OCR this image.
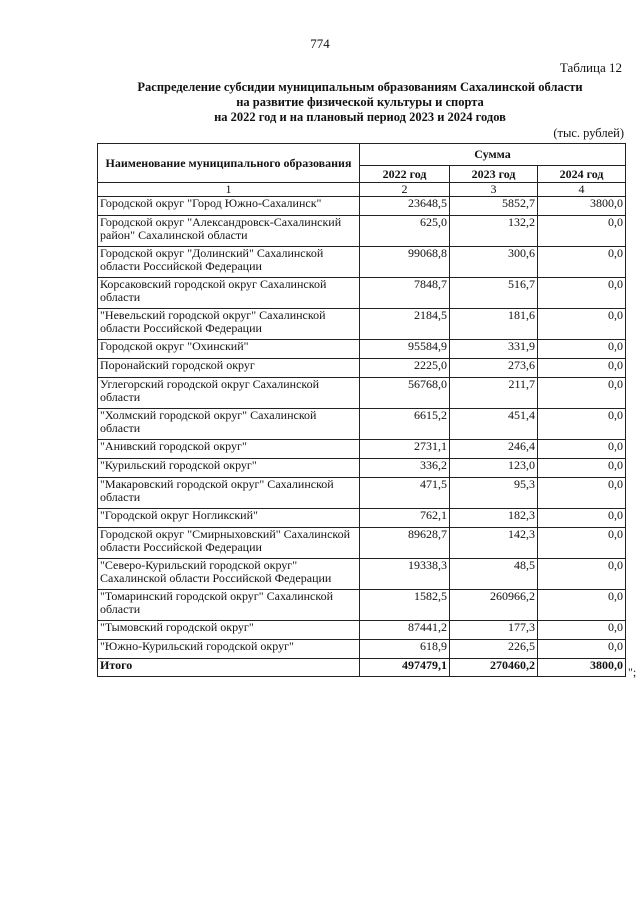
774
Таблица 12
Распределение субсидии муниципальным образованиям Сахалинской области
на развитие физической культуры и спорта
на 2022 год и на плановый период 2023 и 2024 годов
(тыс. рублей)
Наименование муниципального образования	Сумма		
	2022 год	2023 год	2024 год
1	2	3	4
Городской округ "Город Южно-Сахалинск"	23648,5	5852,7	3800,0
Городской округ "Александровск-Сахалинский район" Сахалинской области	625,0	132,2	0,0
Городской округ "Долинский" Сахалинской области Российской Федерации	99068,8	300,6	0,0
Корсаковский городской округ Сахалинской области	7848,7	516,7	0,0
"Невельский городской округ" Сахалинской области Российской Федерации	2184,5	181,6	0,0
Городской округ "Охинский"	95584,9	331,9	0,0
Поронайский городской округ	2225,0	273,6	0,0
Углегорский городской округ Сахалинской области	56768,0	211,7	0,0
"Холмский городской округ" Сахалинской области	6615,2	451,4	0,0
"Анивский городской округ"	2731,1	246,4	0,0
"Курильский городской округ"	336,2	123,0	0,0
"Макаровский городской округ" Сахалинской области	471,5	95,3	0,0
"Городской округ Ногликский"	762,1	182,3	0,0
Городской округ "Смирныховский" Сахалинской области Российской Федерации	89628,7	142,3	0,0
"Северо-Курильский городской округ" Сахалинской области Российской Федерации	19338,3	48,5	0,0
"Томаринский городской округ" Сахалинской области	1582,5	260966,2	0,0
"Тымовский городской округ"	87441,2	177,3	0,0
"Южно-Курильский городской округ"	618,9	226,5	0,0
Итого	497479,1	270460,2	3800,0 ";
